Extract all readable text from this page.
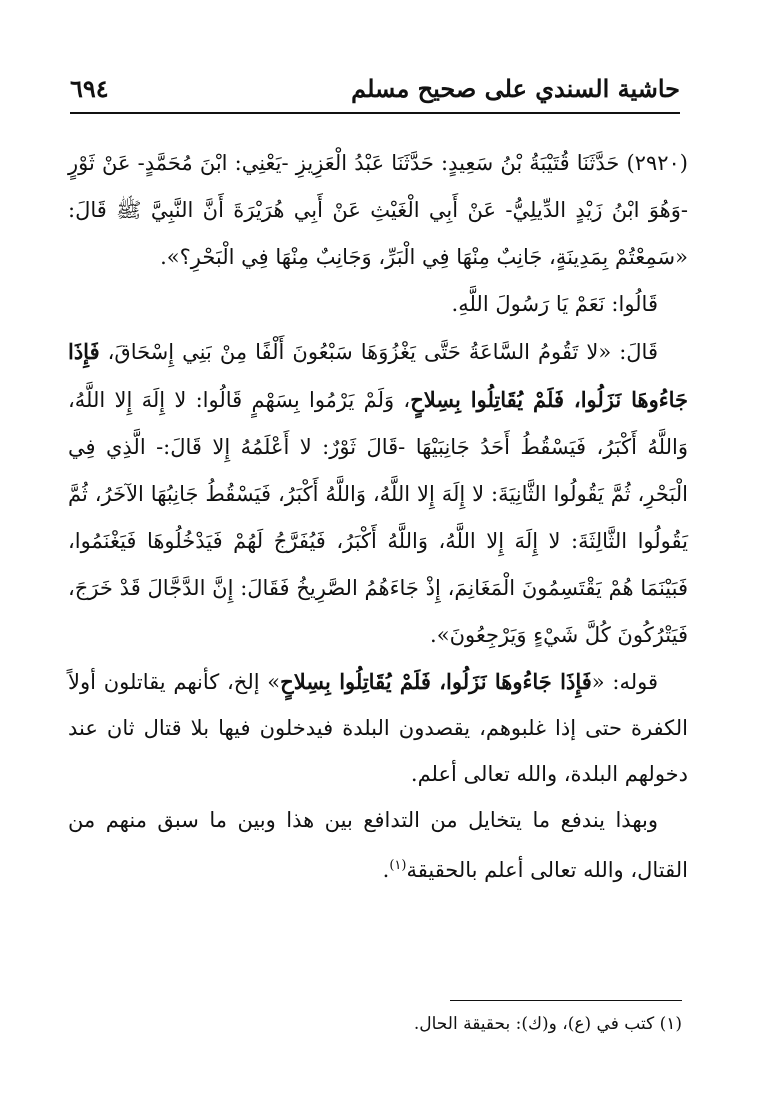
حاشية السندي على صحيح مسلم
٦٩٤

(٢٩٢٠) حَدَّثَنَا قُتَيْبَةُ بْنُ سَعِيدٍ: حَدَّثَنَا عَبْدُ الْعَزِيزِ -يَعْنِي: ابْنَ مُحَمَّدٍ- عَنْ ثَوْرٍ -وَهُوَ ابْنُ زَيْدٍ الدِّيلِيُّ- عَنْ أَبِي الْغَيْثِ عَنْ أَبِي هُرَيْرَةَ أَنَّ النَّبِيَّ ﷺ قَالَ: «سَمِعْتُمْ بِمَدِينَةٍ، جَانِبٌ مِنْهَا فِي الْبَرِّ، وَجَانِبٌ مِنْهَا فِي الْبَحْرِ؟».

قَالُوا: نَعَمْ يَا رَسُولَ اللَّهِ.

قَالَ: «لا تَقُومُ السَّاعَةُ حَتَّى يَغْزُوَهَا سَبْعُونَ أَلْفًا مِنْ بَنِي إِسْحَاقَ، فَإِذَا جَاءُوهَا نَزَلُوا، فَلَمْ يُقَاتِلُوا بِسِلاحٍ، وَلَمْ يَرْمُوا بِسَهْمٍ قَالُوا: لا إِلَهَ إِلا اللَّهُ، وَاللَّهُ أَكْبَرُ، فَيَسْقُطُ أَحَدُ جَانِبَيْهَا -قَالَ ثَوْرٌ: لا أَعْلَمُهُ إِلا قَالَ:- الَّذِي فِي الْبَحْرِ، ثُمَّ يَقُولُوا الثَّانِيَةَ: لا إِلَهَ إِلا اللَّهُ، وَاللَّهُ أَكْبَرُ، فَيَسْقُطُ جَانِبُهَا الآخَرُ، ثُمَّ يَقُولُوا الثَّالِثَةَ: لا إِلَهَ إِلا اللَّهُ، وَاللَّهُ أَكْبَرُ، فَيُفَرَّجُ لَهُمْ فَيَدْخُلُوهَا فَيَغْنَمُوا، فَبَيْنَمَا هُمْ يَقْتَسِمُونَ الْمَغَانِمَ، إِذْ جَاءَهُمُ الصَّرِيخُ فَقَالَ: إِنَّ الدَّجَّالَ قَدْ خَرَجَ، فَيَتْرُكُونَ كُلَّ شَيْءٍ وَيَرْجِعُونَ».

قوله: «فَإِذَا جَاءُوهَا نَزَلُوا، فَلَمْ يُقَاتِلُوا بِسِلاحٍ» إلخ، كأنهم يقاتلون أولاً الكفرة حتى إذا غلبوهم، يقصدون البلدة فيدخلون فيها بلا قتال ثان عند دخولهم البلدة، والله تعالى أعلم.

وبهذا يندفع ما يتخايل من التدافع بين هذا وبين ما سبق منهم من القتال، والله تعالى أعلم بالحقيقة$^{(١)}$.

(١) كتب في (ع)، و(ك): بحقيقة الحال.
